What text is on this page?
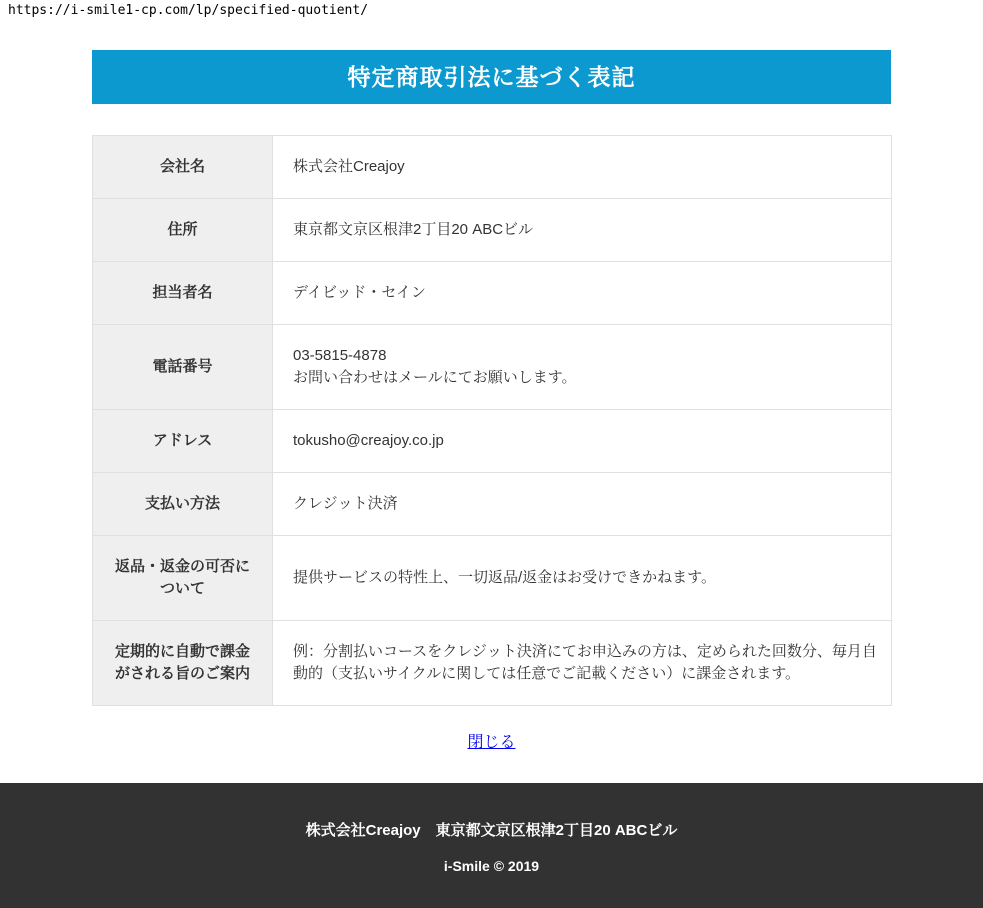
https://i-smile1-cp.com/lp/specified-quotient/
特定商取引法に基づく表記
会社名	株式会社Creajoy
住所	東京都文京区根津2丁目20 ABCビル
担当者名	デイビッド・セイン
電話番号	03-5815-4878
お問い合わせはメールにてお願いします。
アドレス	tokusho@creajoy.co.jp
支払い方法	クレジット決済
返品・返金の可否について	提供サービスの特性上、一切返品/返金はお受けできかねます。
定期的に自動で課金がされる旨のご案内	例：分割払いコースをクレジット決済にてお申込みの方は、定められた回数分、毎月自動的（支払いサイクルに関しては任意でご記載ください）に課金されます。
閉じる
株式会社Creajoy　東京都文京区根津2丁目20 ABCビル
i-Smile © 2019
